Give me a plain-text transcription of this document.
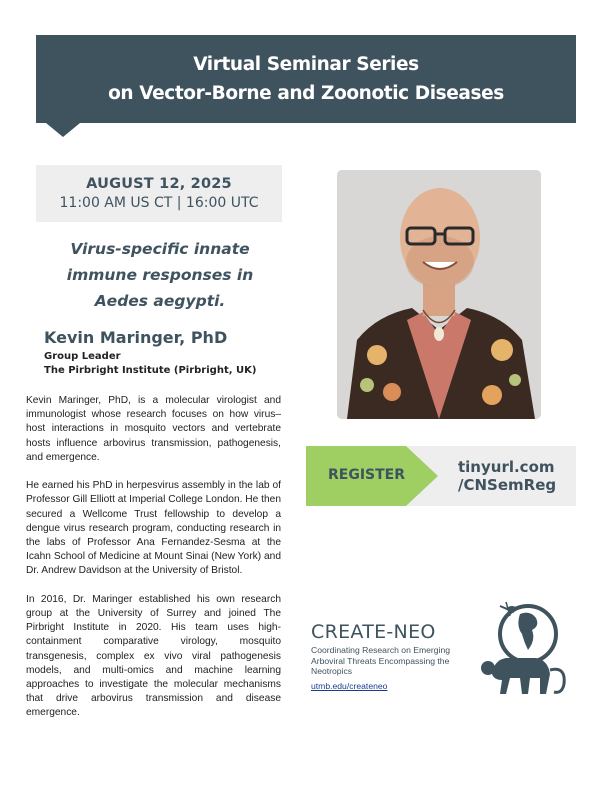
Virtual Seminar Series
on Vector-Borne and Zoonotic Diseases
AUGUST 12, 2025
11:00 AM US CT | 16:00 UTC
Virus-specific innate
immune responses in
Aedes aegypti.
Kevin Maringer, PhD
Group Leader
The Pirbright Institute (Pirbright, UK)

Kevin Maringer, PhD, is a molecular virologist and immunologist whose research focuses on how virus–host interactions in mosquito vectors and vertebrate hosts influence arbovirus transmission, pathogenesis, and emergence.

He earned his PhD in herpesvirus assembly in the lab of Professor Gill Elliott at Imperial College London. He then secured a Wellcome Trust fellowship to develop a dengue virus research program, conducting research in the labs of Professor Ana Fernandez-Sesma at the Icahn School of Medicine at Mount Sinai (New York) and Dr. Andrew Davidson at the University of Bristol.

In 2016, Dr. Maringer established his own research group at the University of Surrey and joined The Pirbright Institute in 2020. His team uses high-containment comparative virology, mosquito transgenesis, complex ex vivo viral pathogenesis models, and multi-omics and machine learning approaches to investigate the molecular mechanisms that drive arbovirus transmission and disease emergence.

REGISTER	tinyurl.com
/CNSemReg
CREATE-NEO
Coordinating Research on Emerging Arboviral Threats Encompassing the Neotropics
utmb.edu/createneo
